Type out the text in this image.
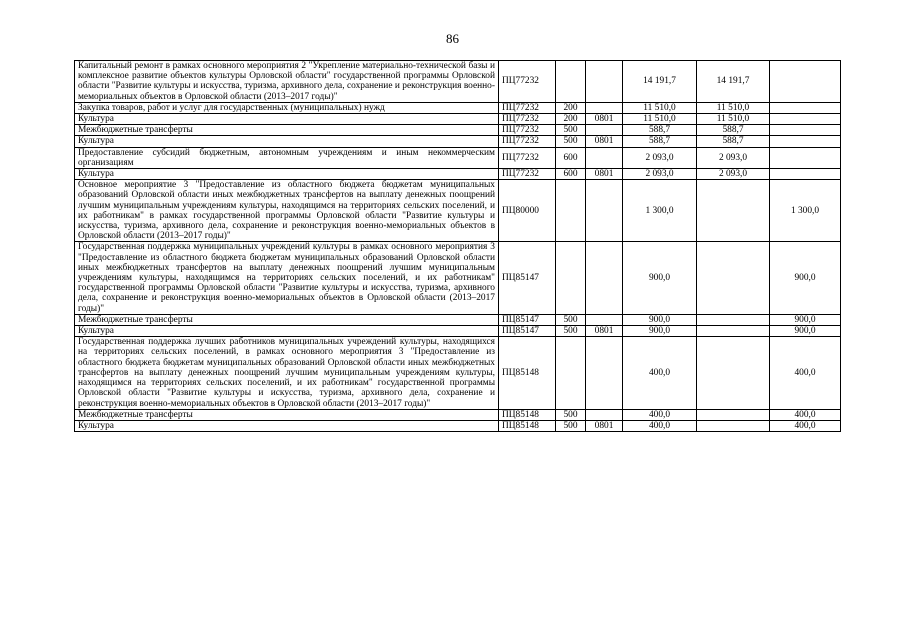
86
Капитальный ремонт в рамках основного мероприятия 2 "Укрепление материально-технической базы и комплексное развитие объектов культуры Орловской области" государственной программы Орловской области "Развитие культуры и искусства, туризма, архивного дела, сохранение и реконструкция военно-мемориальных объектов в Орловской области (2013–2017 годы)"	ПЦ77232			14 191,7	14 191,7	
Закупка товаров, работ и услуг для государственных (муниципальных) нужд	ПЦ77232	200		11 510,0	11 510,0	
Культура	ПЦ77232	200	0801	11 510,0	11 510,0	
Межбюджетные трансферты	ПЦ77232	500		588,7	588,7	
Культура	ПЦ77232	500	0801	588,7	588,7	
Предоставление субсидий бюджетным, автономным учреждениям и иным некоммерческим организациям	ПЦ77232	600		2 093,0	2 093,0	
Культура	ПЦ77232	600	0801	2 093,0	2 093,0	
Основное мероприятие 3 "Предоставление из областного бюджета бюджетам муниципальных образований Орловской области иных межбюджетных трансфертов на выплату денежных поощрений лучшим муниципальным учреждениям культуры, находящимся на территориях сельских поселений, и их работникам" в рамках государственной программы Орловской области "Развитие культуры и искусства, туризма, архивного дела, сохранение и реконструкция военно-мемориальных объектов в Орловской области (2013–2017 годы)"	ПЦ80000			1 300,0		1 300,0
Государственная поддержка муниципальных учреждений культуры в рамках основного мероприятия 3 "Предоставление из областного бюджета бюджетам муниципальных образований Орловской области иных межбюджетных трансфертов на выплату денежных поощрений лучшим муниципальным учреждениям культуры, находящимся на территориях сельских поселений, и их работникам" государственной программы Орловской области "Развитие культуры и искусства, туризма, архивного дела, сохранение и реконструкция военно-мемориальных объектов в Орловской области (2013–2017 годы)"	ПЦ85147			900,0		900,0
Межбюджетные трансферты	ПЦ85147	500		900,0		900,0
Культура	ПЦ85147	500	0801	900,0		900,0
Государственная поддержка лучших работников муниципальных учреждений культуры, находящихся на территориях сельских поселений, в рамках основного мероприятия 3 "Предоставление из областного бюджета бюджетам муниципальных образований Орловской области иных межбюджетных трансфертов на выплату денежных поощрений лучшим муниципальным учреждениям культуры, находящимся на территориях сельских поселений, и их работникам" государственной программы Орловской области "Развитие культуры и искусства, туризма, архивного дела, сохранение и реконструкция военно-мемориальных объектов в Орловской области (2013–2017 годы)"	ПЦ85148			400,0		400,0
Межбюджетные трансферты	ПЦ85148	500		400,0		400,0
Культура	ПЦ85148	500	0801	400,0		400,0
